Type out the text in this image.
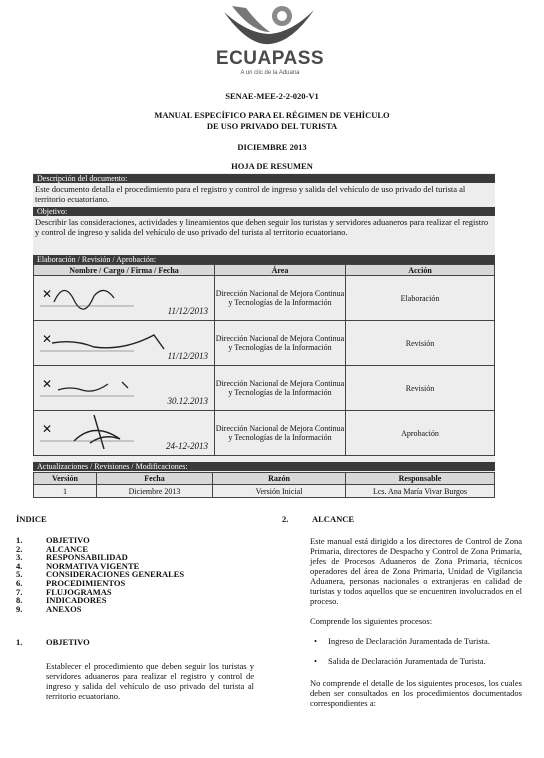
ECUAPASS
A un clic de la Aduana
SENAE-MEE-2-2-020-V1
MANUAL ESPECÍFICO PARA EL RÉGIMEN DE VEHÍCULO
DE USO PRIVADO DEL TURISTA
DICIEMBRE 2013
HOJA DE RESUMEN
Descripción del documento:
Este documento detalla el procedimiento para el registro y control de ingreso y salida del vehículo de uso privado del turista al territorio ecuatoriano.
Objetivo:
Describir las consideraciones, actividades y lineamientos que deben seguir los turistas y servidores aduaneros para realizar el registro y control de ingreso y salida del vehículo de uso privado del turista al territorio ecuatoriano.
Elaboración / Revisión / Aprobación:
Nombre / Cargo / Firma / Fecha	Área	Acción

✕
11/12/2013	Dirección Nacional de Mejora Continua y Tecnologías de la Información	Elaboración

✕
11/12/2013	Dirección Nacional de Mejora Continua y Tecnologías de la Información	Revisión

✕
30.12.2013	Dirección Nacional de Mejora Continua y Tecnologías de la Información	Revisión

✕
24-12-2013	Dirección Nacional de Mejora Continua y Tecnologías de la Información	Aprobación
Actualizaciones / Revisiones / Modificaciones:
Versión	Fecha	Razón	Responsable
1	Diciembre 2013	Versión Inicial	Lcs. Ana María Vivar Burgos
ÍNDICE
1.	OBJETIVO
2.	ALCANCE
3.	RESPONSABILIDAD
4.	NORMATIVA VIGENTE
5.	CONSIDERACIONES GENERALES
6.	PROCEDIMIENTOS
7.	FLUJOGRAMAS
8.	INDICADORES
9.	ANEXOS
1.	OBJETIVO
Establecer el procedimiento que deben seguir los turistas y servidores aduaneros para realizar el registro y control de ingreso y salida del vehículo de uso privado del turista al territorio ecuatoriano.
2.	ALCANCE
Este manual está dirigido a los directores de Control de Zona Primaria, directores de Despacho y Control de Zona Primaria, jefes de Procesos Aduaneros de Zona Primaria, técnicos operadores del área de Zona Primaria, Unidad de Vigilancia Aduanera, personas nacionales o extranjeras en calidad de turistas y todos aquellos que se encuentren involucrados en el proceso.
Comprende los siguientes procesos:
•	Ingreso de Declaración Juramentada de Turista.
•	Salida de Declaración Juramentada de Turista.
No comprende el detalle de los siguientes procesos, los cuales deben ser consultados en los procedimientos documentados correspondientes a:
